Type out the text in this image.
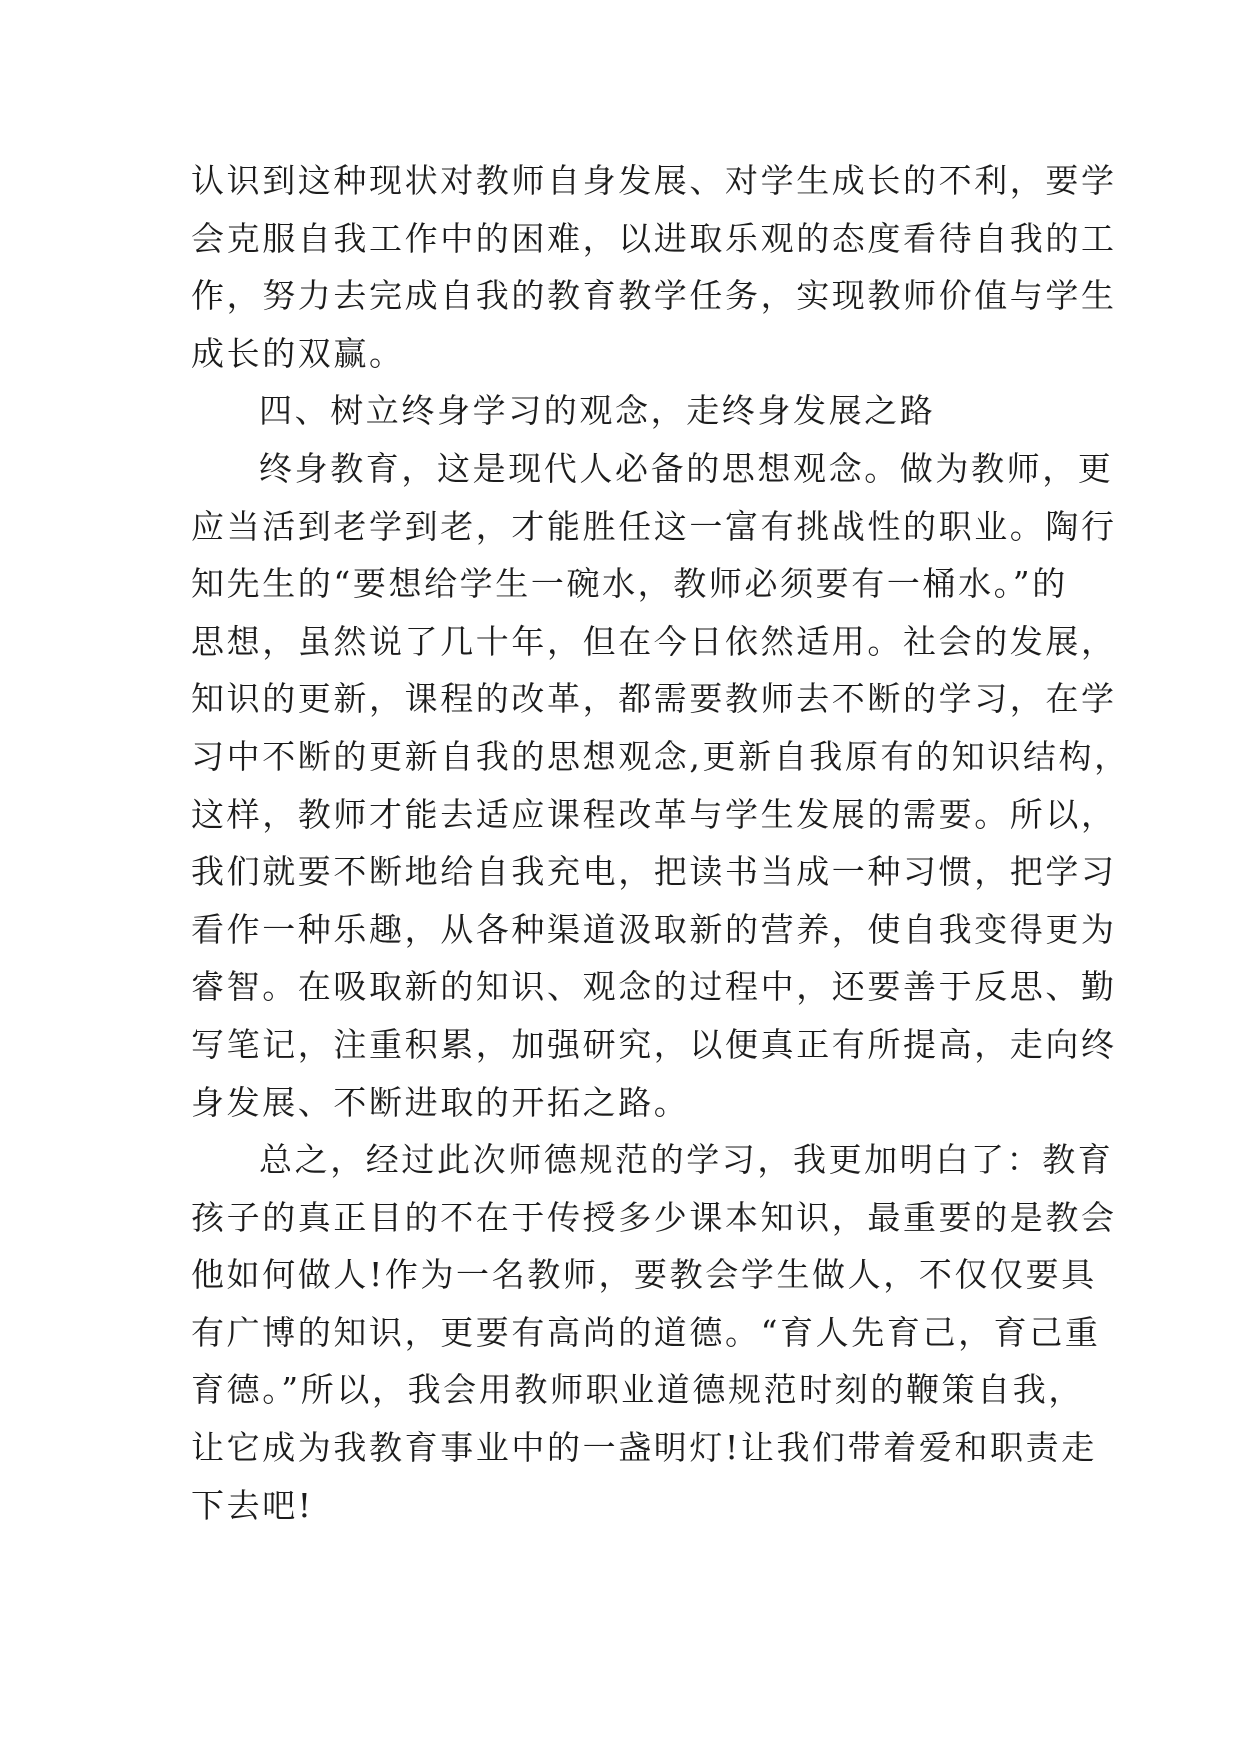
认识到这种现状对教师自身发展、对学生成长的不利，要学
会克服自我工作中的困难，以进取乐观的态度看待自我的工
作，努力去完成自我的教育教学任务，实现教师价值与学生
成长的双赢。
四、树立终身学习的观念，走终身发展之路
终身教育，这是现代人必备的思想观念。做为教师，更
应当活到老学到老，才能胜任这一富有挑战性的职业。陶行
知先生的“要想给学生一碗水，教师必须要有一桶水。”的
思想，虽然说了几十年，但在今日依然适用。社会的发展，
知识的更新，课程的改革，都需要教师去不断的学习，在学
习中不断的更新自我的思想观念,更新自我原有的知识结构，
这样，教师才能去适应课程改革与学生发展的需要。所以，
我们就要不断地给自我充电，把读书当成一种习惯，把学习
看作一种乐趣，从各种渠道汲取新的营养，使自我变得更为
睿智。在吸取新的知识、观念的过程中，还要善于反思、勤
写笔记，注重积累，加强研究，以便真正有所提高，走向终
身发展、不断进取的开拓之路。
总之，经过此次师德规范的学习，我更加明白了：教育
孩子的真正目的不在于传授多少课本知识，最重要的是教会
他如何做人!作为一名教师，要教会学生做人，不仅仅要具
有广博的知识，更要有高尚的道德。“育人先育己，育己重
育德。”所以，我会用教师职业道德规范时刻的鞭策自我，
让它成为我教育事业中的一盏明灯!让我们带着爱和职责走
下去吧!
